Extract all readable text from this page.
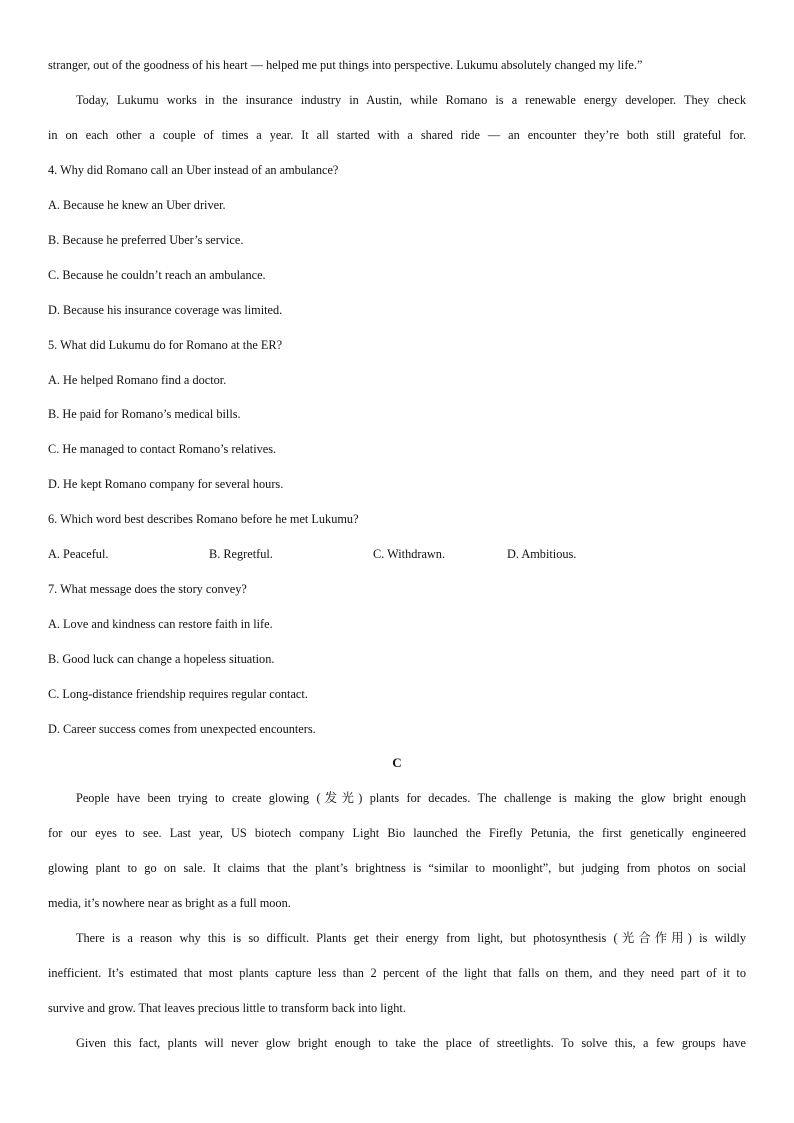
stranger, out of the goodness of his heart — helped me put things into perspective. Lukumu absolutely changed my life.”
Today, Lukumu works in the insurance industry in Austin, while Romano is a renewable energy developer. They check
in on each other a couple of times a year. It all started with a shared ride — an encounter they’re both still grateful for.
4. Why did Romano call an Uber instead of an ambulance?
A. Because he knew an Uber driver.
B. Because he preferred Uber’s service.
C. Because he couldn’t reach an ambulance.
D. Because his insurance coverage was limited.
5. What did Lukumu do for Romano at the ER?
A. He helped Romano find a doctor.
B. He paid for Romano’s medical bills.
C. He managed to contact Romano’s relatives.
D. He kept Romano company for several hours.
6. Which word best describes Romano before he met Lukumu?
A. Peaceful.	B. Regretful.	C. Withdrawn.	D. Ambitious.
7. What message does the story convey?
A. Love and kindness can restore faith in life.
B. Good luck can change a hopeless situation.
C. Long-distance friendship requires regular contact.
D. Career success comes from unexpected encounters.
C
People have been trying to create glowing (发光) plants for decades. The challenge is making the glow bright enough
for our eyes to see. Last year, US biotech company Light Bio launched the Firefly Petunia, the first genetically engineered
glowing plant to go on sale. It claims that the plant’s brightness is “similar to moonlight”, but judging from photos on social
media, it’s nowhere near as bright as a full moon.
There is a reason why this is so difficult. Plants get their energy from light, but photosynthesis (光合作用) is wildly
inefficient. It’s estimated that most plants capture less than 2 percent of the light that falls on them, and they need part of it to
survive and grow. That leaves precious little to transform back into light.
Given this fact, plants will never glow bright enough to take the place of streetlights. To solve this, a few groups have
